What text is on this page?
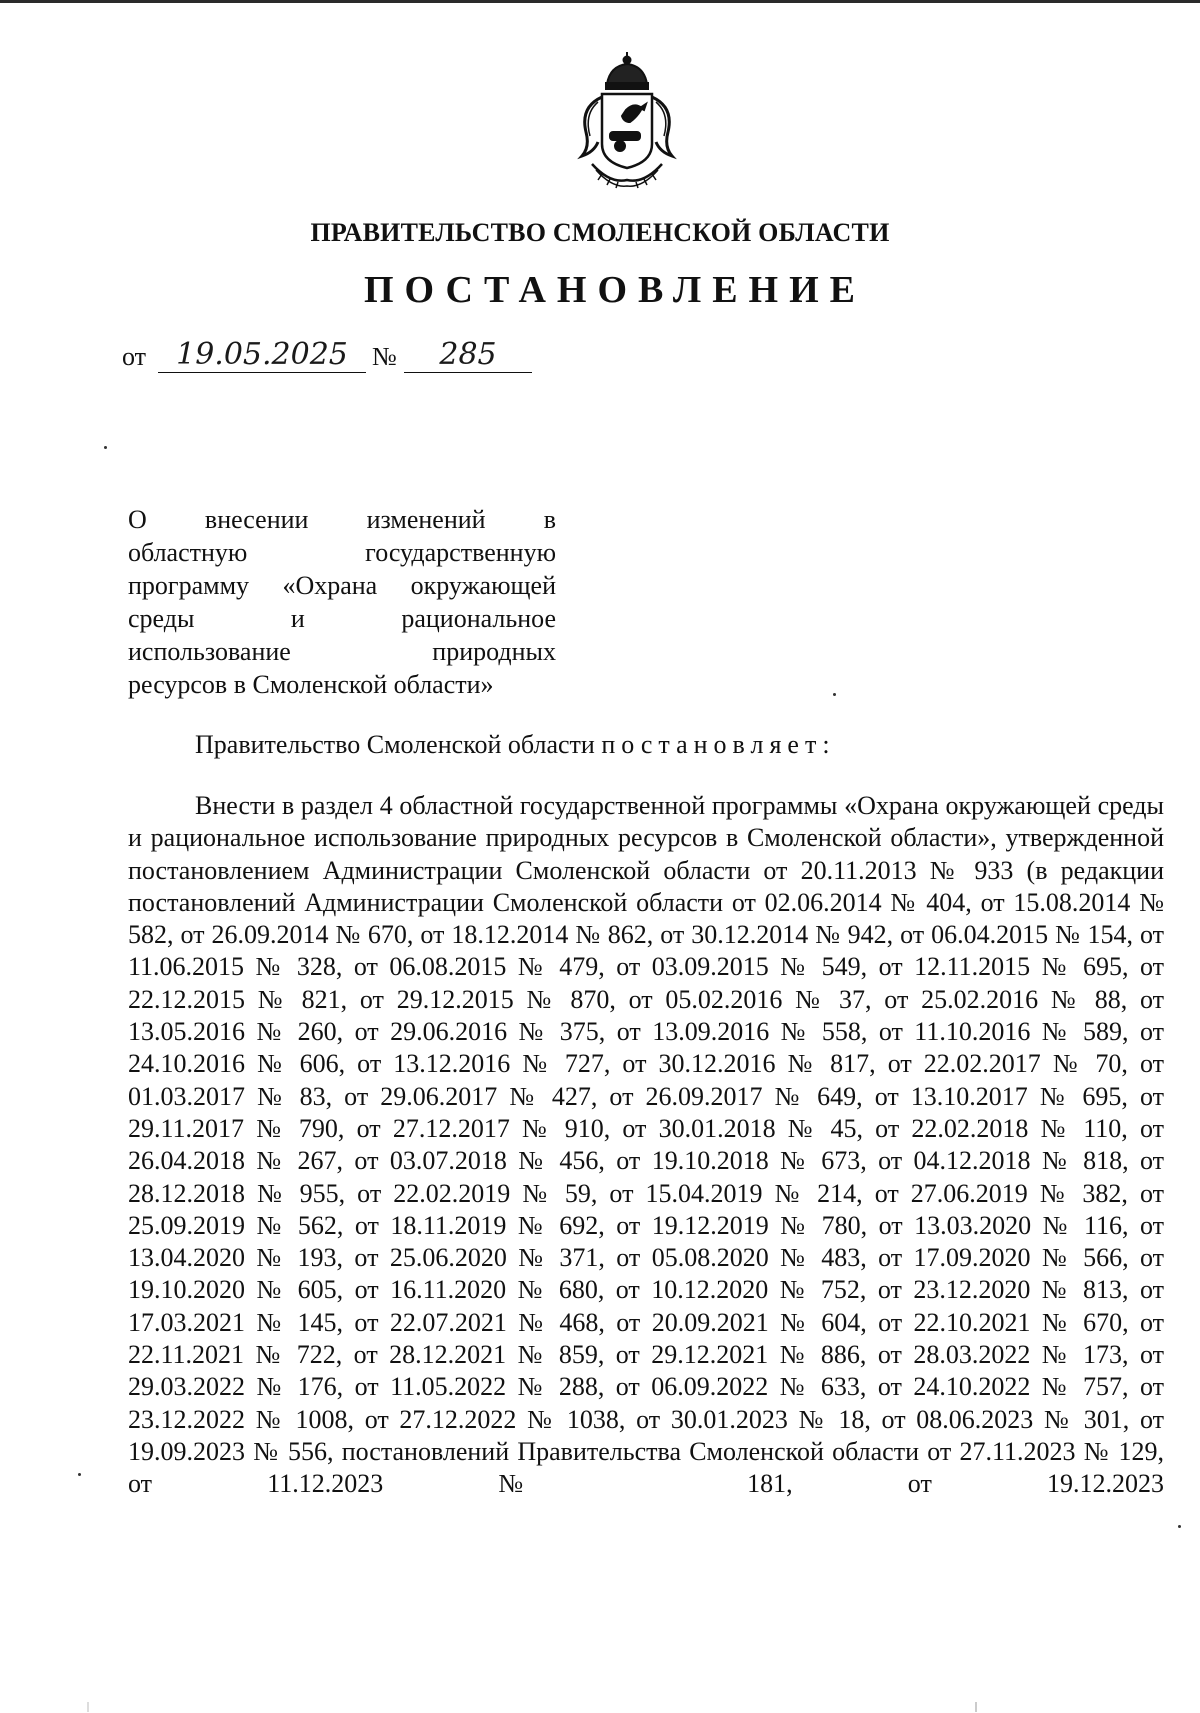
ПРАВИТЕЛЬСТВО СМОЛЕНСКОЙ ОБЛАСТИ
ПОСТАНОВЛЕНИЕ
от	19.05.2025 №	285
О внесении изменений в
областную государственную
программу «Охрана окружающей
среды и рациональное
использование природных
ресурсов в Смоленской области»
Правительство Смоленской области постановляет:

Внести в раздел 4 областной государственной программы «Охрана окружающей среды и рациональное использование природных ресурсов в Смоленской области», утвержденной постановлением Администрации Смоленской области от 20.11.2013 № 933 (в редакции постановлений Администрации Смоленской области от 02.06.2014 № 404, от 15.08.2014 № 582, от 26.09.2014 № 670, от 18.12.2014 № 862, от 30.12.2014 № 942, от 06.04.2015 № 154, от 11.06.2015 № 328, от 06.08.2015 № 479, от 03.09.2015 № 549, от 12.11.2015 № 695, от 22.12.2015 № 821, от 29.12.2015 № 870, от 05.02.2016 № 37, от 25.02.2016 № 88, от 13.05.2016 № 260, от 29.06.2016 № 375, от 13.09.2016 № 558, от 11.10.2016 № 589, от 24.10.2016 № 606, от 13.12.2016 № 727, от 30.12.2016 № 817, от 22.02.2017 № 70, от 01.03.2017 № 83, от 29.06.2017 № 427, от 26.09.2017 № 649, от 13.10.2017 № 695, от 29.11.2017 № 790, от 27.12.2017 № 910, от 30.01.2018 № 45, от 22.02.2018 № 110, от 26.04.2018 № 267, от 03.07.2018 № 456, от 19.10.2018 № 673, от 04.12.2018 № 818, от 28.12.2018 № 955, от 22.02.2019 № 59, от 15.04.2019 № 214, от 27.06.2019 № 382, от 25.09.2019 № 562, от 18.11.2019 № 692, от 19.12.2019 № 780, от 13.03.2020 № 116, от 13.04.2020 № 193, от 25.06.2020 № 371, от 05.08.2020 № 483, от 17.09.2020 № 566, от 19.10.2020 № 605, от 16.11.2020 № 680, от 10.12.2020 № 752, от 23.12.2020 № 813, от 17.03.2021 № 145, от 22.07.2021 № 468, от 20.09.2021 № 604, от 22.10.2021 № 670, от 22.11.2021 № 722, от 28.12.2021 № 859, от 29.12.2021 № 886, от 28.03.2022 № 173, от 29.03.2022 № 176, от 11.05.2022 № 288, от 06.09.2022 № 633, от 24.10.2022 № 757, от 23.12.2022 № 1008, от 27.12.2022 № 1038, от 30.01.2023 № 18, от 08.06.2023 № 301, от 19.09.2023 № 556, постановлений Правительства Смоленской области от 27.11.2023 № 129, от 11.12.2023 № 181, от 19.12.2023
